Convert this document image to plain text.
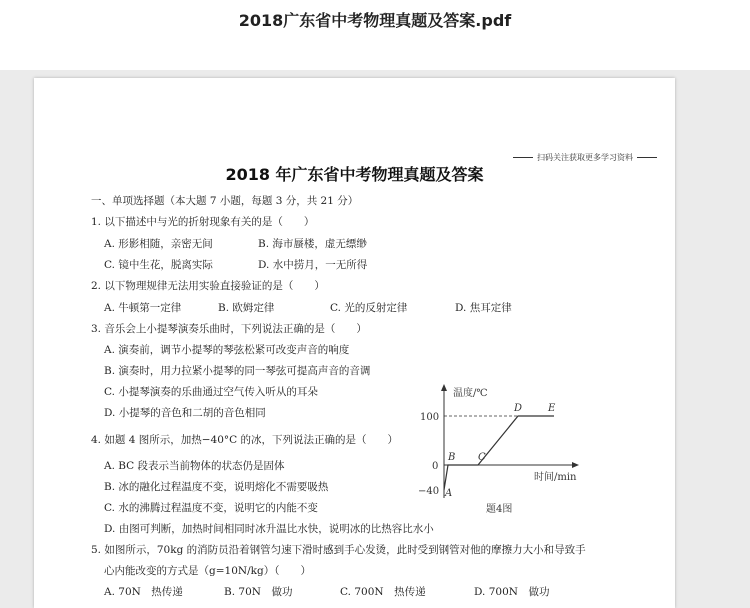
2018广东省中考物理真题及答案.pdf
扫码关注获取更多学习资料
2018 年广东省中考物理真题及答案
一、单项选择题（本大题 7 小题，每题 3 分，共 21 分）
1. 以下描述中与光的折射现象有关的是（　　）
A. 形影相随，亲密无间	B. 海市蜃楼，虚无缥缈
C. 镜中生花，脱离实际	D. 水中捞月，一无所得
2. 以下物理规律无法用实验直接验证的是（　　）
A. 牛顿第一定律	B. 欧姆定律	C. 光的反射定律	D. 焦耳定律
3. 音乐会上小提琴演奏乐曲时，下列说法正确的是（　　）
A. 演奏前，调节小提琴的琴弦松紧可改变声音的响度
B. 演奏时，用力拉紧小提琴的同一琴弦可提高声音的音调
C. 小提琴演奏的乐曲通过空气传入听从的耳朵
D. 小提琴的音色和二胡的音色相同
4. 如题 4 图所示，加热−40°C 的冰，下列说法正确的是（　　）
A. BC 段表示当前物体的状态仍是固体
B. 冰的融化过程温度不变，说明熔化不需要吸热
C. 水的沸腾过程温度不变，说明它的内能不变
D. 由图可判断，加热时间相同时冰升温比水快，说明冰的比热容比水小
5. 如图所示，70kg 的消防员沿着钢管匀速下滑时感到手心发烫，此时受到钢管对他的摩擦力大小和导致手
心内能改变的方式是（g=10N/kg）（　　）
A. 70N　热传递	B. 70N　做功	C. 700N　热传递	D. 700N　做功
温度/℃
时间/min
100
0
−40 A
B C
D	E
题4图
